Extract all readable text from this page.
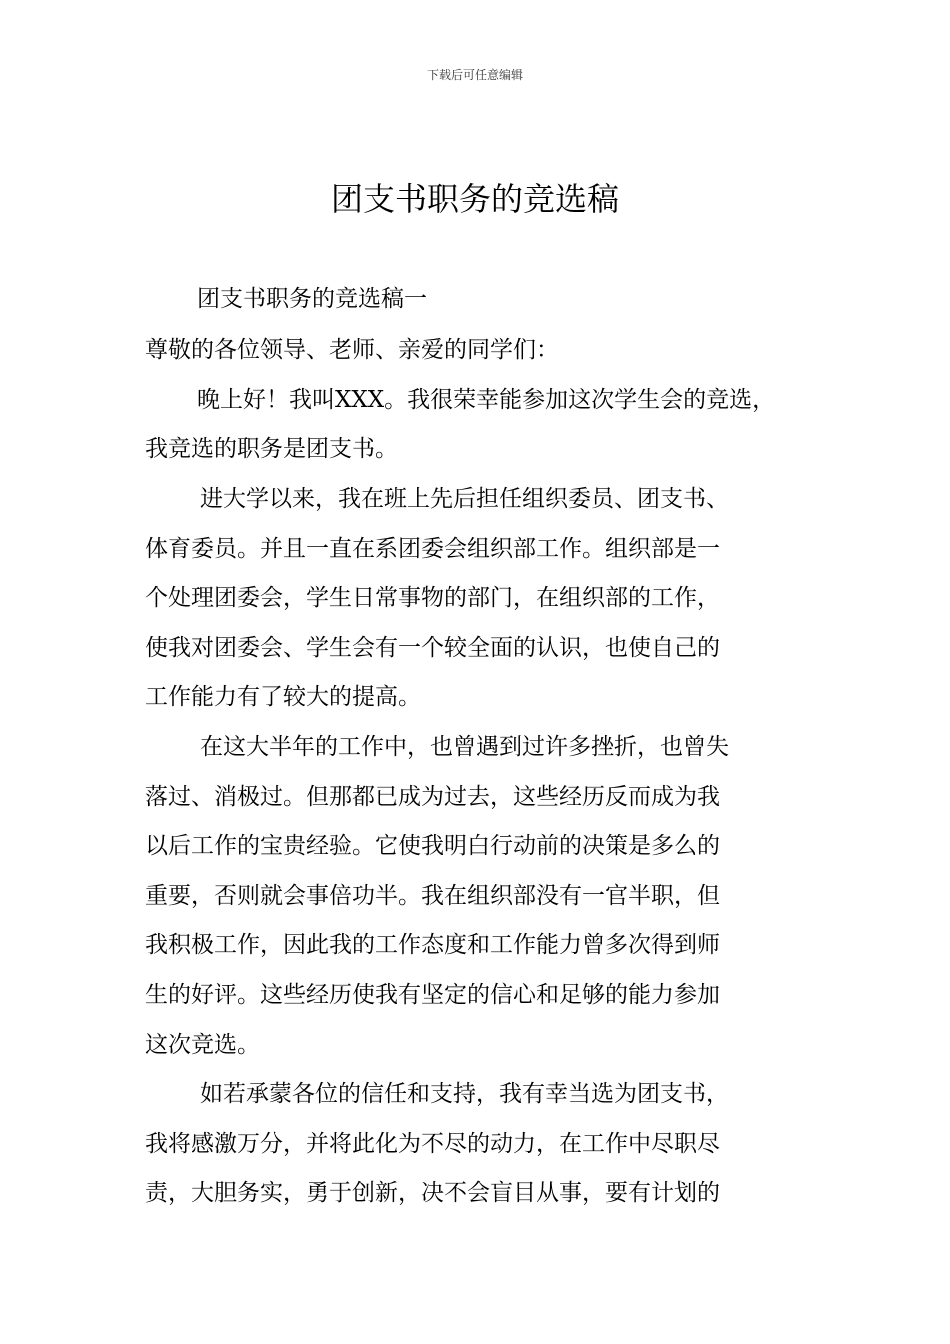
下载后可任意编辑
团支书职务的竞选稿
团支书职务的竞选稿一
尊敬的各位领导、老师、亲爱的同学们：
晚上好！我叫XXX。我很荣幸能参加这次学生会的竞选，
我竞选的职务是团支书。
进大学以来，我在班上先后担任组织委员、团支书、
体育委员。并且一直在系团委会组织部工作。组织部是一
个处理团委会，学生日常事物的部门，在组织部的工作，
使我对团委会、学生会有一个较全面的认识，也使自己的
工作能力有了较大的提高。
在这大半年的工作中，也曾遇到过许多挫折，也曾失
落过、消极过。但那都已成为过去，这些经历反而成为我
以后工作的宝贵经验。它使我明白行动前的决策是多么的
重要，否则就会事倍功半。我在组织部没有一官半职，但
我积极工作，因此我的工作态度和工作能力曾多次得到师
生的好评。这些经历使我有坚定的信心和足够的能力参加
这次竞选。
如若承蒙各位的信任和支持，我有幸当选为团支书，
我将感激万分，并将此化为不尽的动力，在工作中尽职尽
责，大胆务实，勇于创新，决不会盲目从事，要有计划的
